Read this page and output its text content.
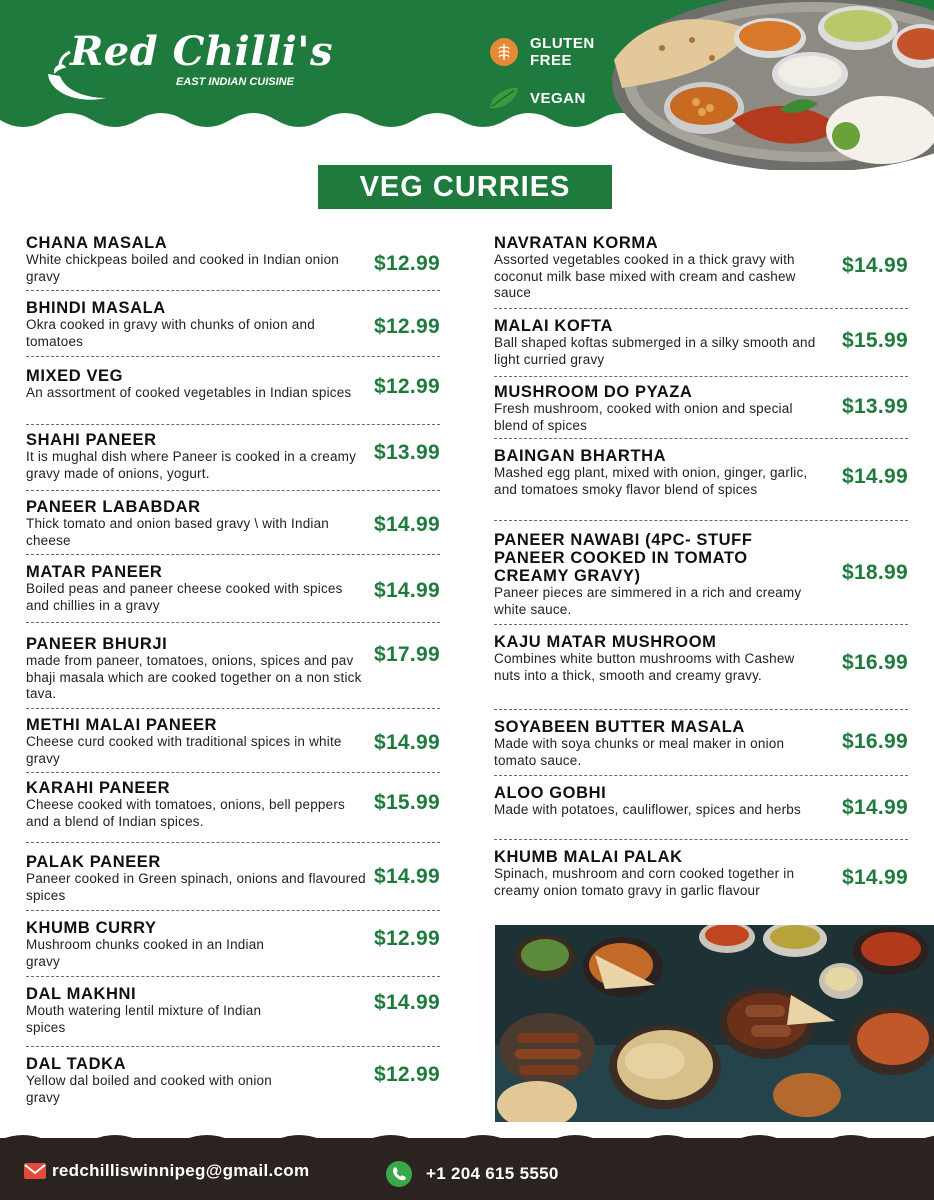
Red Chilli's
EAST INDIAN CUISINE
GLUTEN
FREE
VEGAN
VEG CURRIES
CHANA MASALA
White chickpeas boiled and cooked in Indian onion gravy
$12.99
BHINDI MASALA
Okra cooked in gravy with chunks of onion and tomatoes
$12.99
MIXED VEG
An assortment of cooked vegetables in Indian spices	$12.99
SHAHI PANEER
It is mughal dish where Paneer is cooked in a creamy gravy made of onions, yogurt.
$13.99
PANEER LABABDAR
Thick tomato and onion based gravy \ with Indian cheese
$14.99
MATAR PANEER
Boiled peas and paneer cheese cooked with spices and chillies in a gravy
$14.99
PANEER BHURJI
made from paneer, tomatoes, onions, spices and pav bhaji masala which are cooked together on a non stick tava.
$17.99
METHI MALAI PANEER
Cheese curd cooked with traditional spices in white gravy
$14.99
KARAHI PANEER
Cheese cooked with tomatoes, onions, bell peppers and a blend of Indian spices.
$15.99
PALAK PANEER
Paneer cooked in Green spinach, onions and flavoured spices
$14.99
KHUMB CURRY
Mushroom chunks cooked in an Indian gravy
$12.99
DAL MAKHNI
Mouth watering lentil mixture of Indian spices
$14.99
DAL TADKA
Yellow dal boiled and cooked with onion gravy
$12.99
NAVRATAN KORMA
Assorted vegetables cooked in a thick gravy with coconut milk base mixed with cream and cashew sauce
$14.99
MALAI KOFTA
Ball shaped koftas submerged in a silky smooth and light curried gravy
$15.99
MUSHROOM DO PYAZA
Fresh mushroom, cooked with onion and special blend of spices
$13.99
BAINGAN BHARTHA
Mashed egg plant, mixed with onion, ginger, garlic, and tomatoes smoky flavor blend of spices
$14.99
PANEER NAWABI (4PC- STUFF PANEER COOKED IN TOMATO CREAMY GRAVY)
Paneer pieces are simmered in a rich and creamy white sauce.
$18.99
KAJU MATAR MUSHROOM
Combines white button mushrooms with Cashew nuts into a thick, smooth and creamy gravy.
$16.99
SOYABEEN BUTTER MASALA
Made with soya chunks or meal maker in onion tomato sauce.
$16.99
ALOO GOBHI
Made with potatoes, cauliflower, spices and herbs	$14.99
KHUMB MALAI PALAK
Spinach, mushroom and corn cooked together in creamy onion tomato gravy in garlic flavour
$14.99
redchilliswinnipeg@gmail.com	+1 204 615 5550
